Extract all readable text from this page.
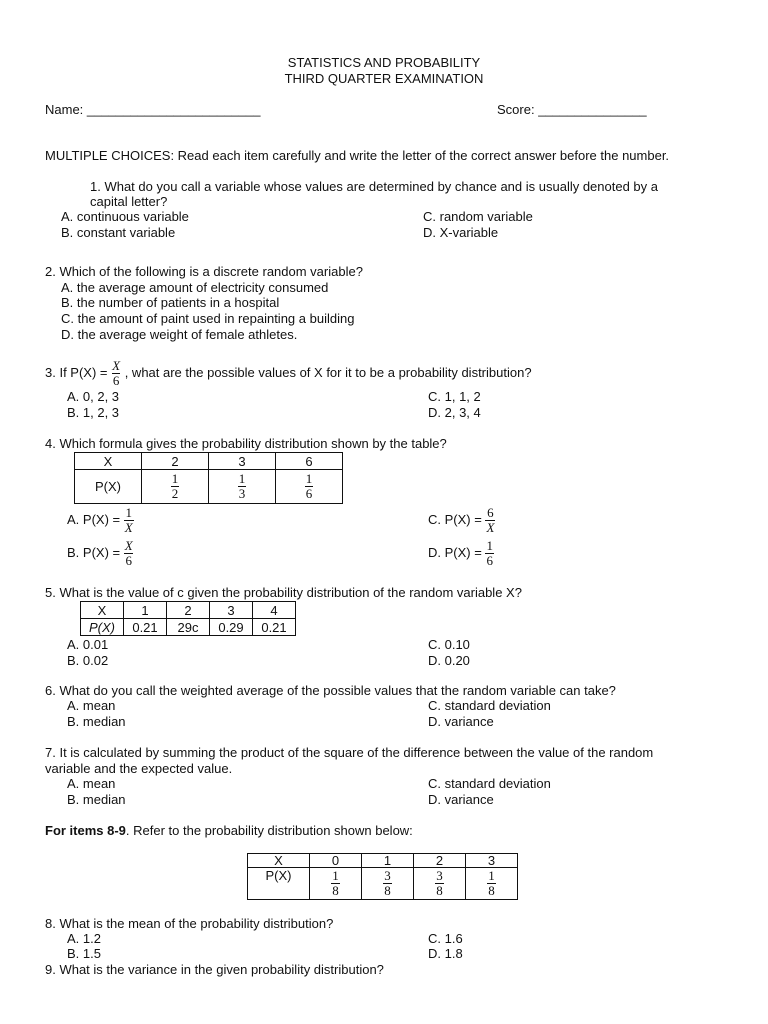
STATISTICS AND PROBABILITY
THIRD QUARTER EXAMINATION
Name: ________________________	Score: _______________
MULTIPLE CHOICES: Read each item carefully and write the letter of the correct answer before the number.
1. What do you call a variable whose values are determined by chance and is usually denoted by a
capital letter?
A. continuous variable
B. constant variable
C. random variable
D. X-variable
2. Which of the following is a discrete random variable?
A. the average amount of electricity consumed
B. the number of patients in a hospital
C. the amount of paint used in repainting a building
D. the average weight of female athletes.
3. If $P(X) = \frac{X}{6}$ , what are the possible values of X for it to be a probability distribution?
A. 0, 2, 3
B. 1, 2, 3
C. 1, 1, 2
D. 2, 3, 4
4. Which formula gives the probability distribution shown by the table?
X	2	3	6
P(X)	$\frac{1}{2}$	$\frac{1}{3}$	$\frac{1}{6}$
A. $P(X) = \frac{1}{X}$
B. $P(X) = \frac{X}{6}$
C. $P(X) = \frac{6}{X}$
D. $P(X) = \frac{1}{6}$
5. What is the value of c given the probability distribution of the random variable X?
X	1	2	3	4
P(X)	0.21	29c	0.29	0.21
A. 0.01
B. 0.02
C. 0.10
D. 0.20
6. What do you call the weighted average of the possible values that the random variable can take?
A. mean
B. median
C. standard deviation
D. variance
7. It is calculated by summing the product of the square of the difference between the value of the random
variable and the expected value.
A. mean
B. median
C. standard deviation
D. variance
For items 8-9. Refer to the probability distribution shown below:
X	0	1	2	3
P(X)	$\frac{1}{8}$	$\frac{3}{8}$	$\frac{3}{8}$	$\frac{1}{8}$
8. What is the mean of the probability distribution?
A. 1.2
B. 1.5
C. 1.6
D. 1.8
9. What is the variance in the given probability distribution?
